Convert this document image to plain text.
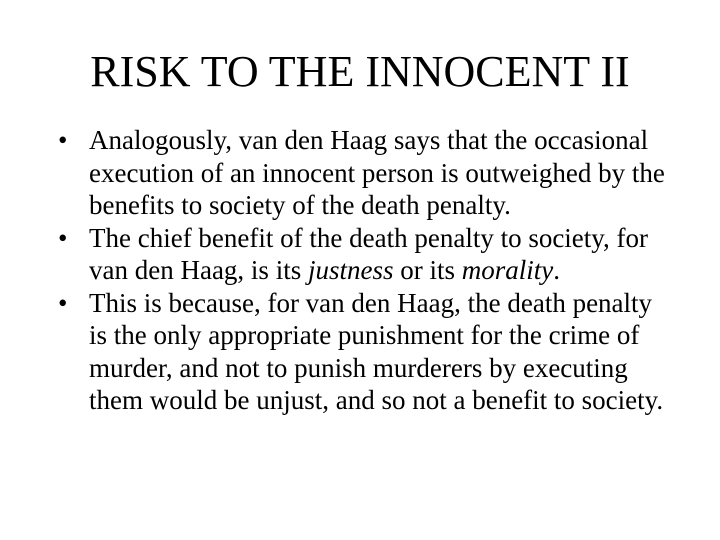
RISK TO THE INNOCENT II
• Analogously, van den Haag says that the occasional execution of an innocent person is outweighed by the benefits to society of the death penalty.
• The chief benefit of the death penalty to society, for van den Haag, is its justness or its morality.
• This is because, for van den Haag, the death penalty is the only appropriate punishment for the crime of murder, and not to punish murderers by executing them would be unjust, and so not a benefit to society.
